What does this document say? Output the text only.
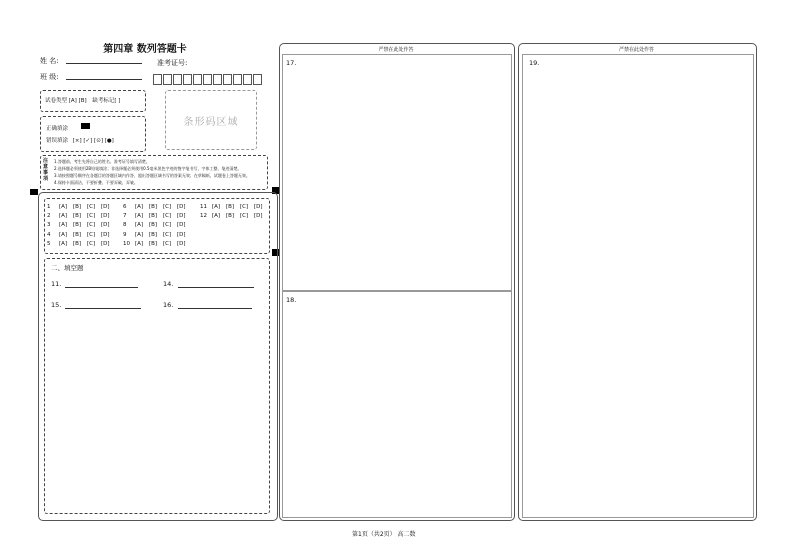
第四章 数列答题卡
姓 名:
班 级:
准考证号:
试卷类型 [A] [B] 缺考标记[ ]
条形码区域
正确填涂
错误填涂 [×] [✓] [⊙] [●]
注意事项
1.答题前，考生先将自己的姓名、准考证号填写清楚。
2.选择题必须使用2B铅笔填涂；非选择题必须使用0.5毫米黑色字迹的签字笔书写，字体工整、笔迹清楚。
3.请按照题号顺序在各题目的答题区域内作答，超出答题区域书写的答案无效；在草稿纸、试题卷上答题无效。
4.保持卡面清洁，不要折叠、不要弄破、弄皱。
1 [A] [B] [C] [D]
2 [A] [B] [C] [D]
3 [A] [B] [C] [D]
4 [A] [B] [C] [D]
5 [A] [B] [C] [D]
6 [A] [B] [C] [D]
7 [A] [B] [C] [D]
8 [A] [B] [C] [D]
9 [A] [B] [C] [D]
10 [A] [B] [C] [D]
11 [A] [B] [C] [D]
12 [A] [B] [C] [D]
二、填空题
11.	14.
15.	16.
严禁在此处作答
17.
18.
严禁在此处作答
19.
第1页（共2页） 高二数
